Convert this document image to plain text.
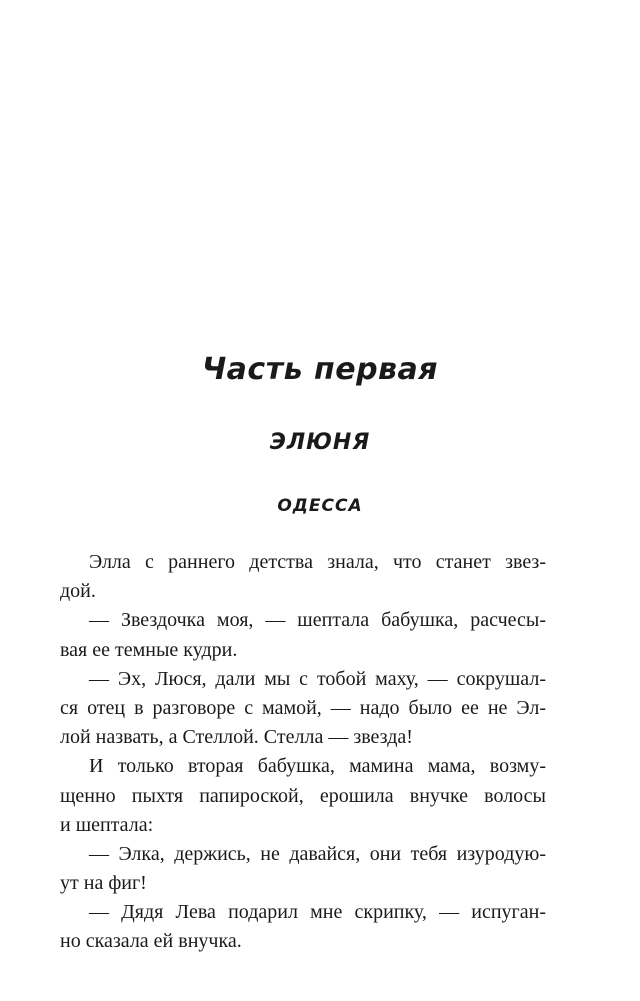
Часть первая
ЭЛЮНЯ
ОДЕССА
Элла с раннего детства знала, что станет звез-
дой.
— Звездочка моя, — шептала бабушка, расчесы-
вая ее темные кудри.
— Эх, Люся, дали мы с тобой маху, — сокрушал-
ся отец в разговоре с мамой, — надо было ее не Эл-
лой назвать, а Стеллой. Стелла — звезда!
И только вторая бабушка, мамина мама, возму-
щенно пыхтя папироской, ерошила внучке волосы
и шептала:
— Элка, держись, не давайся, они тебя изуродую-
ут на фиг!
— Дядя Лева подарил мне скрипку, — испуган-
но сказала ей внучка.
